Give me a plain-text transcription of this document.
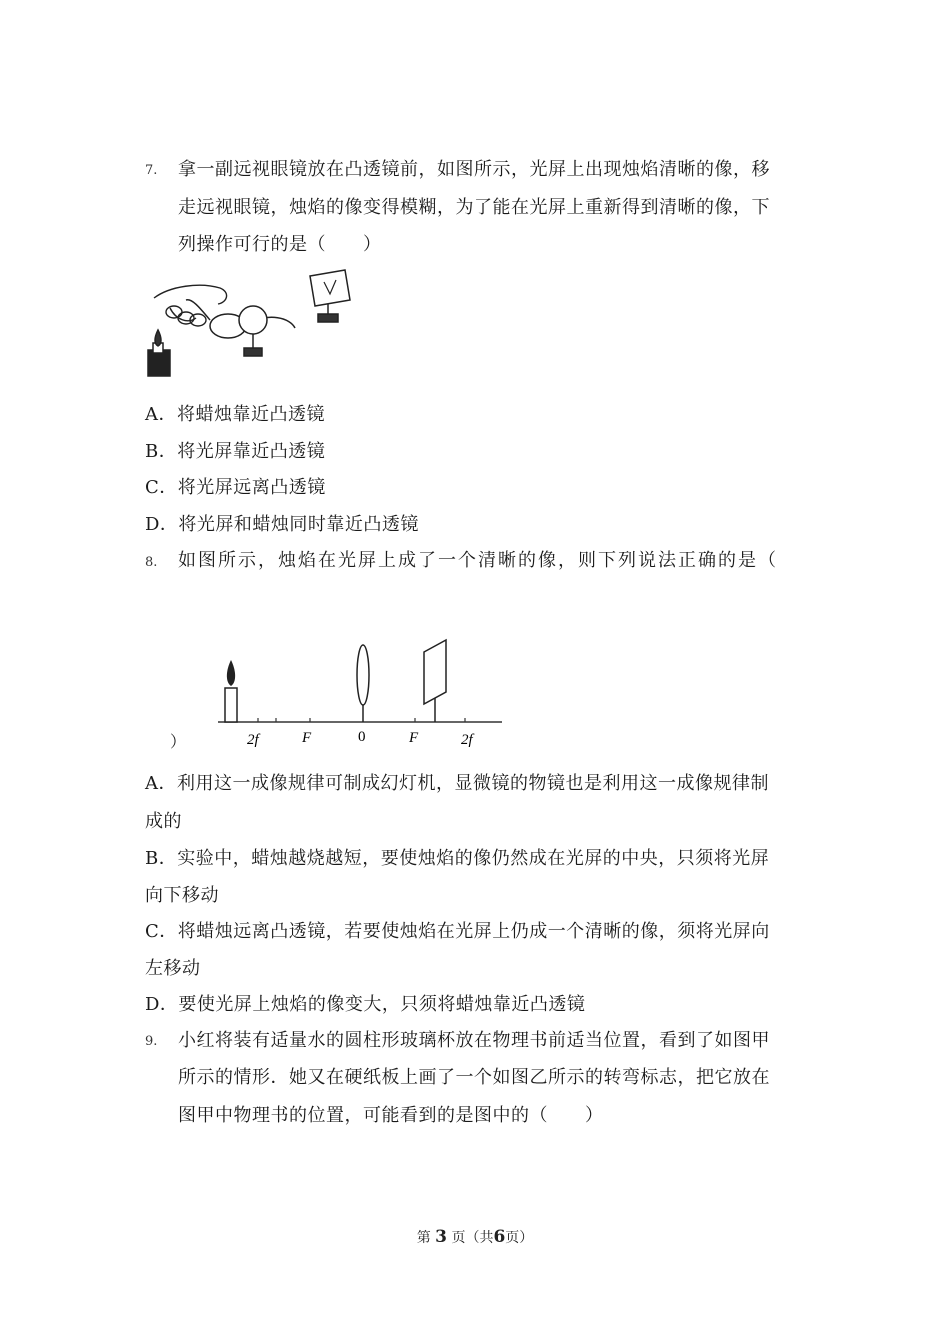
7. 拿一副远视眼镜放在凸透镜前，如图所示，光屏上出现烛焰清晰的像，移
走远视眼镜，烛焰的像变得模糊，为了能在光屏上重新得到清晰的像，下
列操作可行的是（　　）
A．将蜡烛靠近凸透镜
B．将光屏靠近凸透镜
C．将光屏远离凸透镜
D．将光屏和蜡烛同时靠近凸透镜
8. 如图所示，烛焰在光屏上成了一个清晰的像，则下列说法正确的是（
2f	F	0	F	2f
）
A．利用这一成像规律可制成幻灯机，显微镜的物镜也是利用这一成像规律制
成的
B．实验中，蜡烛越烧越短，要使烛焰的像仍然成在光屏的中央，只须将光屏
向下移动
C．将蜡烛远离凸透镜，若要使烛焰在光屏上仍成一个清晰的像，须将光屏向
左移动
D．要使光屏上烛焰的像变大，只须将蜡烛靠近凸透镜
9. 小红将装有适量水的圆柱形玻璃杯放在物理书前适当位置，看到了如图甲
所示的情形．她又在硬纸板上画了一个如图乙所示的转弯标志，把它放在
图甲中物理书的位置，可能看到的是图中的（　　）
第 3 页（共6页）
